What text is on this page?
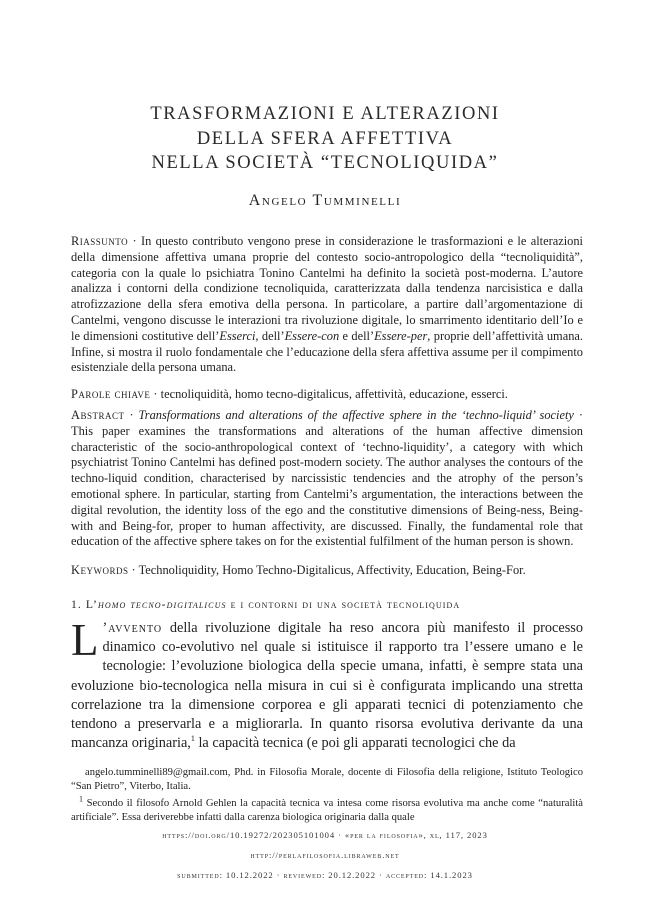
TRASFORMAZIONI E ALTERAZIONI
DELLA SFERA AFFETTIVA
NELLA SOCIETÀ “TECNOLIQUIDA”
Angelo Tumminelli
Riassunto · In questo contributo vengono prese in considerazione le trasformazioni e le alterazioni della dimensione affettiva umana proprie del contesto socio-antropologico della “tecnoliquidità”, categoria con la quale lo psichiatra Tonino Cantelmi ha definito la società post-moderna. L’autore analizza i contorni della condizione tecnoliquida, caratterizzata dalla tendenza narcisistica e dalla atrofizzazione della sfera emotiva della persona. In particolare, a partire dall’argomentazione di Cantelmi, vengono discusse le interazioni tra rivoluzione digitale, lo smarrimento identitario dell’Io e le dimensioni costitutive dell’Esserci, dell’Essere-con e dell’Essere-per, proprie dell’affettività umana. Infine, si mostra il ruolo fondamentale che l’educazione della sfera affettiva assume per il compimento esistenziale della persona umana.
Parole chiave · tecnoliquidità, homo tecno-digitalicus, affettività, educazione, esserci.
Abstract · Transformations and alterations of the affective sphere in the ‘techno-liquid’ society · This paper examines the transformations and alterations of the human affective dimension characteristic of the socio-anthropological context of ‘techno-liquidity’, a category with which psychiatrist Tonino Cantelmi has defined post-modern society. The author analyses the contours of the techno-liquid condition, characterised by narcissistic tendencies and the atrophy of the person’s emotional sphere. In particular, starting from Cantelmi’s argumentation, the interactions between the digital revolution, the identity loss of the ego and the constitutive dimensions of Being-ness, Being-with and Being-for, proper to human affectivity, are discussed. Finally, the fundamental role that education of the affective sphere takes on for the existential fulfilment of the human person is shown.
Keywords · Technoliquidity, Homo Techno-Digitalicus, Affectivity, Education, Being-For.
1. L’homo tecno-digitalicus e i contorni di una società tecnoliquida
L ’avvento della rivoluzione digitale ha reso ancora più manifesto il processo dinamico co-evolutivo nel quale si istituisce il rapporto tra l’essere umano e le tecnologie: l’evoluzione biologica della specie umana, infatti, è sempre stata una evoluzione bio-tecnologica nella misura in cui si è configurata implicando una stretta correlazione tra la dimensione corporea e gli apparati tecnici di potenziamento che tendono a preservarla e a migliorarla. In quanto risorsa evolutiva derivante da una mancanza originaria,$^1$ la capacità tecnica (e poi gli apparati tecnologici che da

angelo.tumminelli89@gmail.com, Phd. in Filosofia Morale, docente di Filosofia della religione, Istituto Teologico “San Pietro”, Viterbo, Italia.

$^1$ Secondo il filosofo Arnold Gehlen la capacità tecnica va intesa come risorsa evolutiva ma anche come “naturalità artificiale”. Essa deriverebbe infatti dalla carenza biologica originaria dalla quale

https://doi.org/10.19272/202305101004 · «per la filosofia», xl, 117, 2023
http://perlafilosofia.libraweb.net
submitted: 10.12.2022 · reviewed: 20.12.2022 · accepted: 14.1.2023
